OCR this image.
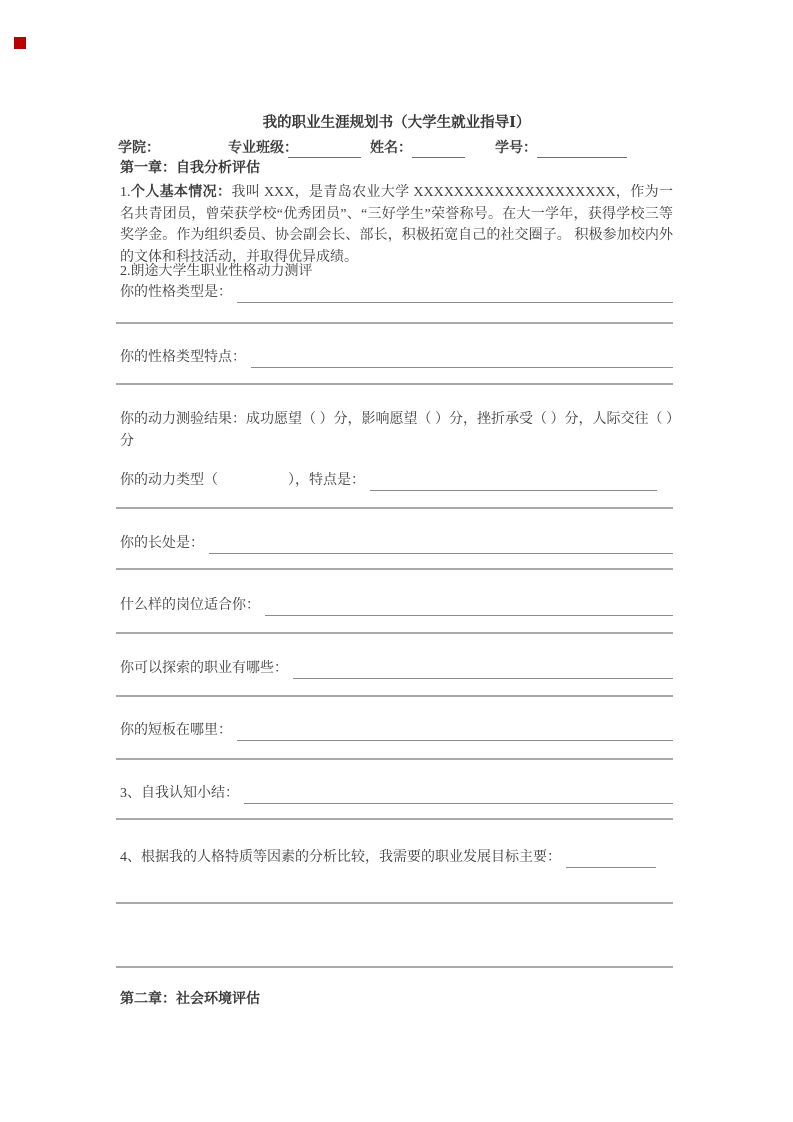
我的职业生涯规划书（大学生就业指导Ⅰ）
学院：	专业班级：	姓名：	学号：
第一章：自我分析评估
1.个人基本情况：我叫 XXX，是青岛农业大学 XXXXXXXXXXXXXXXXXXXX，作为一名共青团员，曾荣获学校“优秀团员”、“三好学生”荣誉称号。在大一学年，获得学校三等奖学金。作为组织委员、协会副会长、部长，积极拓宽自己的社交圈子。 积极参加校内外的文体和科技活动，并取得优异成绩。
2.朗途大学生职业性格动力测评
你的性格类型是：
你的性格类型特点：
你的动力测验结果：成功愿望（ ）分，影响愿望（ ）分，挫折承受（ ）分，人际交往（ ）
分
你的动力类型（　　　　　），特点是：
你的长处是：
什么样的岗位适合你：
你可以探索的职业有哪些：
你的短板在哪里：
3、自我认知小结：
4、根据我的人格特质等因素的分析比较，我需要的职业发展目标主要：
第二章：社会环境评估
